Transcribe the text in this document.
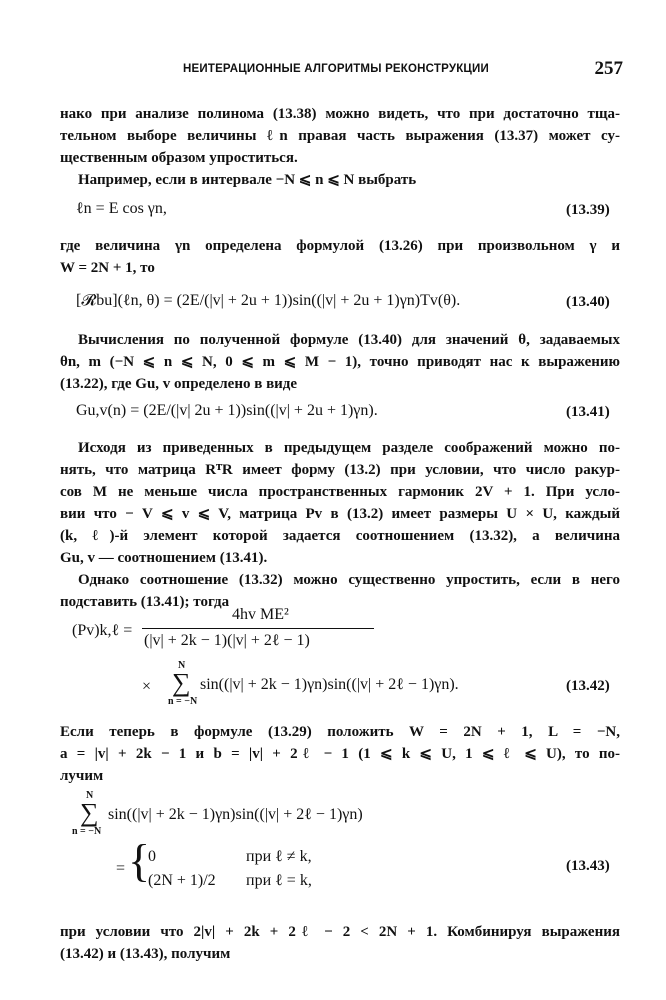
НЕИТЕРАЦИОННЫЕ АЛГОРИТМЫ РЕКОНСТРУКЦИИ	257
нако при анализе полинома (13.38) можно видеть, что при достаточно тща-
тельном выборе величины ℓn правая часть выражения (13.37) может су-
щественным образом упроститься.
Например, если в интервале −N ⩽ n ⩽ N выбрать
ℓn = E cos γn,	(13.39)
где величина γn определена формулой (13.26) при произвольном γ и
W = 2N + 1, то
[𝓡bu](ℓn, θ) = (2E/(|v| + 2u + 1))sin((|v| + 2u + 1)γn)Tv(θ).	(13.40)
Вычисления по полученной формуле (13.40) для значений θ, задаваемых
θn, m (−N ⩽ n ⩽ N, 0 ⩽ m ⩽ M − 1), точно приводят нас к выражению
(13.22), где Gu, v определено в виде
Gu,v(n) = (2E/(|v| 2u + 1))sin((|v| + 2u + 1)γn).	(13.41)
Исходя из приведенных в предыдущем разделе соображений можно по-
нять, что матрица RᵀR имеет форму (13.2) при условии, что число ракур-
сов M не меньше числа пространственных гармоник 2V + 1. При усло-
вии что − V ⩽ v ⩽ V, матрица Pv в (13.2) имеет размеры U × U, каждый
(k, ℓ)-й элемент которой задается соотношением (13.32), а величина
Gu, v — соотношением (13.41).
Однако соотношение (13.32) можно существенно упростить, если в него
подставить (13.41); тогда
(Pv)k,ℓ =
4hv ME²
(|v| + 2k − 1)(|v| + 2ℓ − 1)
×
N
∑
n = −N
sin((|v| + 2k − 1)γn)sin((|v| + 2ℓ − 1)γn).	(13.42)
Если теперь в формуле (13.29) положить W = 2N + 1, L = −N,
a = |v| + 2k − 1 и b = |v| + 2ℓ − 1 (1 ⩽ k ⩽ U, 1 ⩽ ℓ ⩽ U), то по-
лучим
N
∑
n = −N
sin((|v| + 2k − 1)γn)sin((|v| + 2ℓ − 1)γn)
= {
0	при ℓ ≠ k,
(2N + 1)/2 при ℓ = k,
(13.43)
при условии что 2|v| + 2k + 2ℓ − 2 < 2N + 1. Комбинируя выражения
(13.42) и (13.43), получим
